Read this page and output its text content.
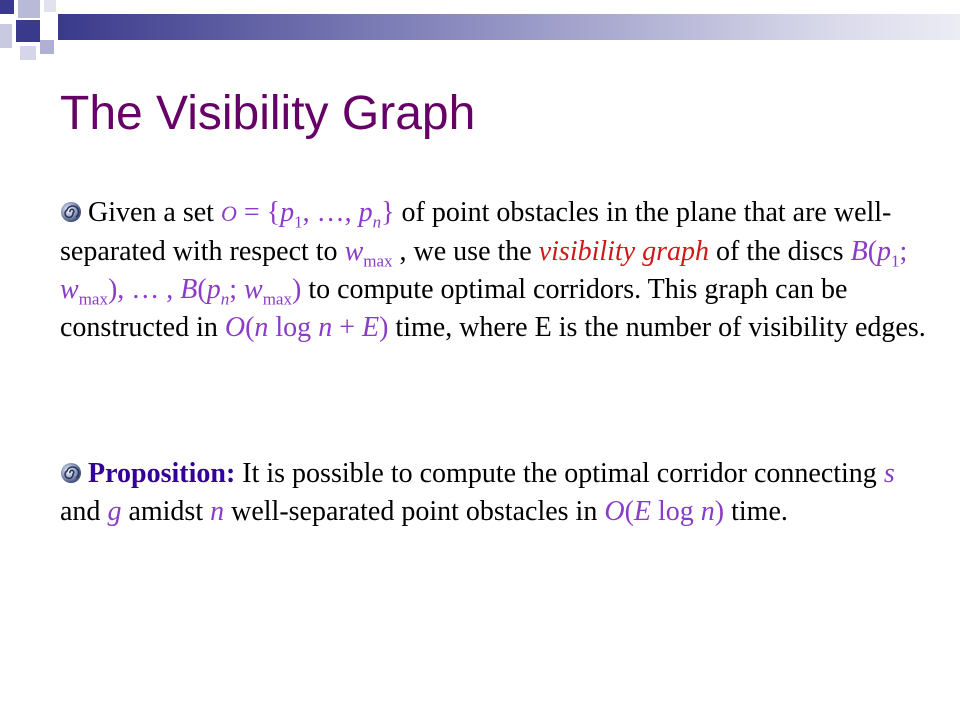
The Visibility Graph

Given a set $O = \{p_1$, …, $p_n$} of point obstacles in the plane that are well-separated with respect to $w_{max}$ , we use the visibility graph of the discs $B(p_1$; $w_{max}$), … , $B(p_n$; $w_{max}$) to compute optimal corridors. This graph can be constructed in O(n log n + E) time, where E is the number of visibility edges.

Proposition: It is possible to compute the optimal corridor connecting s and g amidst n well-separated point obstacles in O(E log n) time.
